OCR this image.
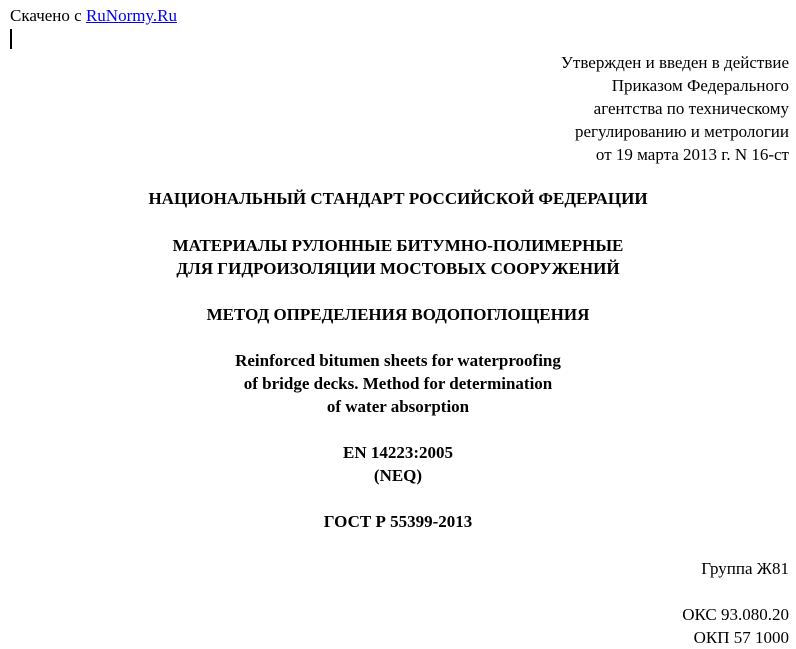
Скачено с RuNormy.Ru
Утвержден и введен в действие
Приказом Федерального
агентства по техническому
регулированию и метрологии
от 19 марта 2013 г. N 16-ст
НАЦИОНАЛЬНЫЙ СТАНДАРТ РОССИЙСКОЙ ФЕДЕРАЦИИ
МАТЕРИАЛЫ РУЛОННЫЕ БИТУМНО-ПОЛИМЕРНЫЕ
ДЛЯ ГИДРОИЗОЛЯЦИИ МОСТОВЫХ СООРУЖЕНИЙ
МЕТОД ОПРЕДЕЛЕНИЯ ВОДОПОГЛОЩЕНИЯ
Reinforced bitumen sheets for waterproofing
of bridge decks. Method for determination
of water absorption
EN 14223:2005
(NEQ)
ГОСТ Р 55399-2013
Группа Ж81
ОКС 93.080.20
ОКП 57 1000
